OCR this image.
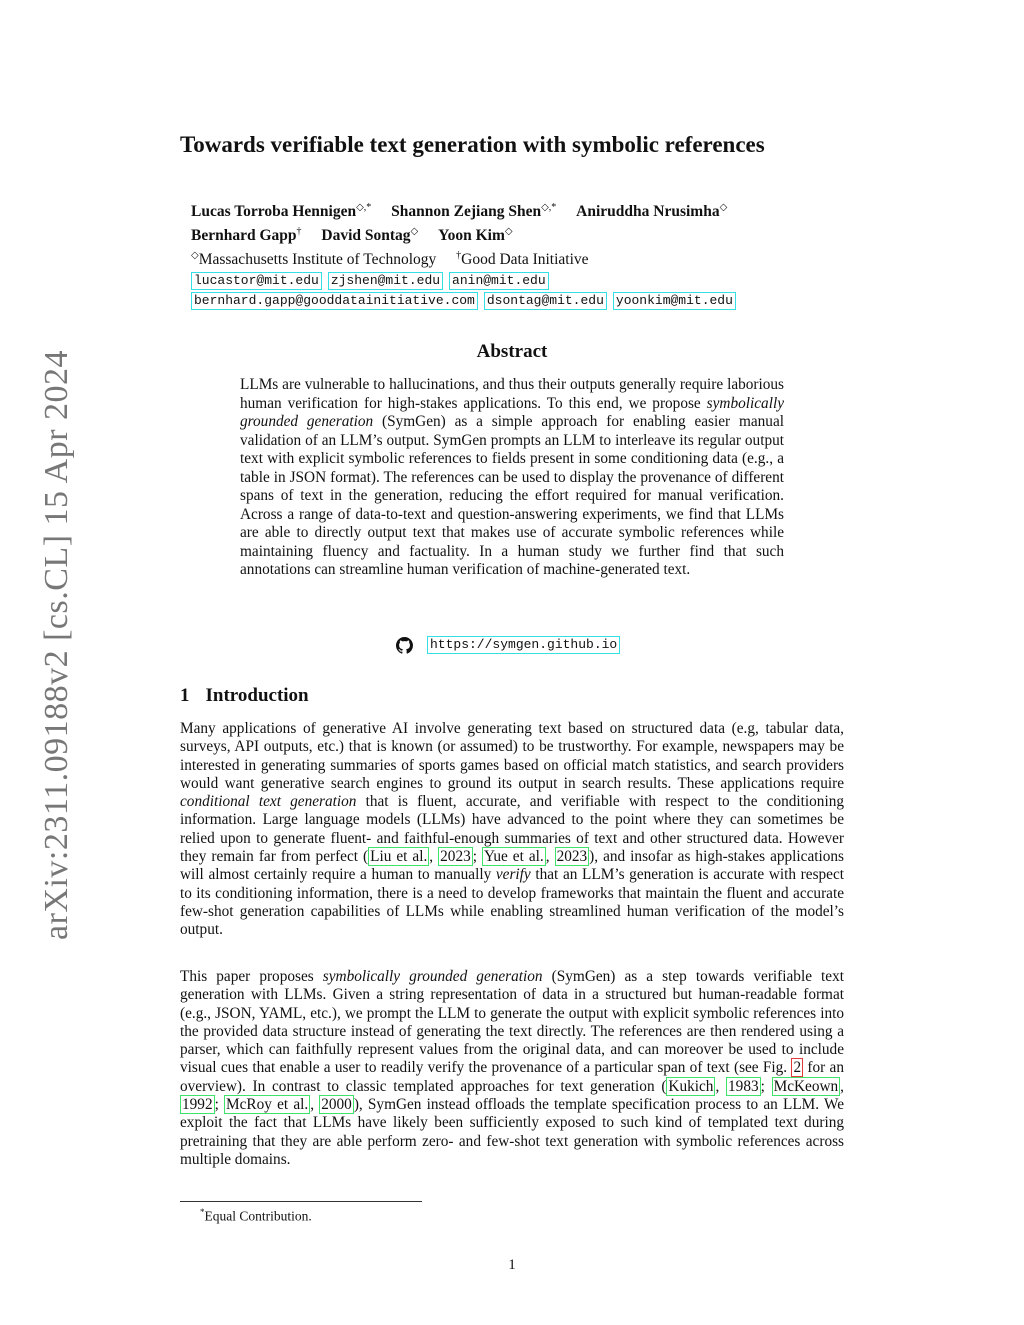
arXiv:2311.09188v2 [cs.CL] 15 Apr 2024
Towards verifiable text generation with symbolic references
Lucas Torroba Hennigen◇,* Shannon Zejiang Shen◇,* Aniruddha Nrusimha◇
Bernhard Gapp† David Sontag◇ Yoon Kim◇
◇Massachusetts Institute of Technology †Good Data Initiative
lucastor@mit.edu zjshen@mit.edu anin@mit.edu
bernhard.gapp@gooddatainitiative.com dsontag@mit.edu yoonkim@mit.edu
Abstract

LLMs are vulnerable to hallucinations, and thus their outputs generally require laborious human verification for high-stakes applications. To this end, we propose symbolically grounded generation (SymGen) as a simple approach for enabling easier manual validation of an LLM’s output. SymGen prompts an LLM to interleave its regular output text with explicit symbolic references to fields present in some conditioning data (e.g., a table in JSON format). The references can be used to display the provenance of different spans of text in the generation, reducing the effort required for manual verification. Across a range of data-to-text and question-answering experiments, we find that LLMs are able to directly output text that makes use of accurate symbolic references while maintaining fluency and factuality. In a human study we further find that such annotations can streamline human verification of machine-generated text.

https://symgen.github.io
1 Introduction

Many applications of generative AI involve generating text based on structured data (e.g, tabular data, surveys, API outputs, etc.) that is known (or assumed) to be trustworthy. For example, newspapers may be interested in generating summaries of sports games based on official match statistics, and search providers would want generative search engines to ground its output in search results. These applications require conditional text generation that is fluent, accurate, and verifiable with respect to the conditioning information. Large language models (LLMs) have advanced to the point where they can sometimes be relied upon to generate fluent- and faithful-enough summaries of text and other structured data. However they remain far from perfect ( Liu et al. , 2023 ; Yue et al. , 2023 ), and insofar as high-stakes applications will almost certainly require a human to manually verify that an LLM’s generation is accurate with respect to its conditioning information, there is a need to develop frameworks that maintain the fluent and accurate few-shot generation capabilities of LLMs while enabling streamlined human verification of the model’s output.

This paper proposes symbolically grounded generation (SymGen) as a step towards verifiable text generation with LLMs. Given a string representation of data in a structured but human-readable format (e.g., JSON, YAML, etc.), we prompt the LLM to generate the output with explicit symbolic references into the provided data structure instead of generating the text directly. The references are then rendered using a parser, which can faithfully represent values from the original data, and can moreover be used to include visual cues that enable a user to readily verify the provenance of a particular span of text (see Fig. 2 for an overview). In contrast to classic templated approaches for text generation ( Kukich , 1983 ; McKeown , 1992 ; McRoy et al. , 2000 ), SymGen instead offloads the template specification process to an LLM. We exploit the fact that LLMs have likely been sufficiently exposed to such kind of templated text during pretraining that they are able perform zero- and few-shot text generation with symbolic references across multiple domains.

*Equal Contribution.
1
